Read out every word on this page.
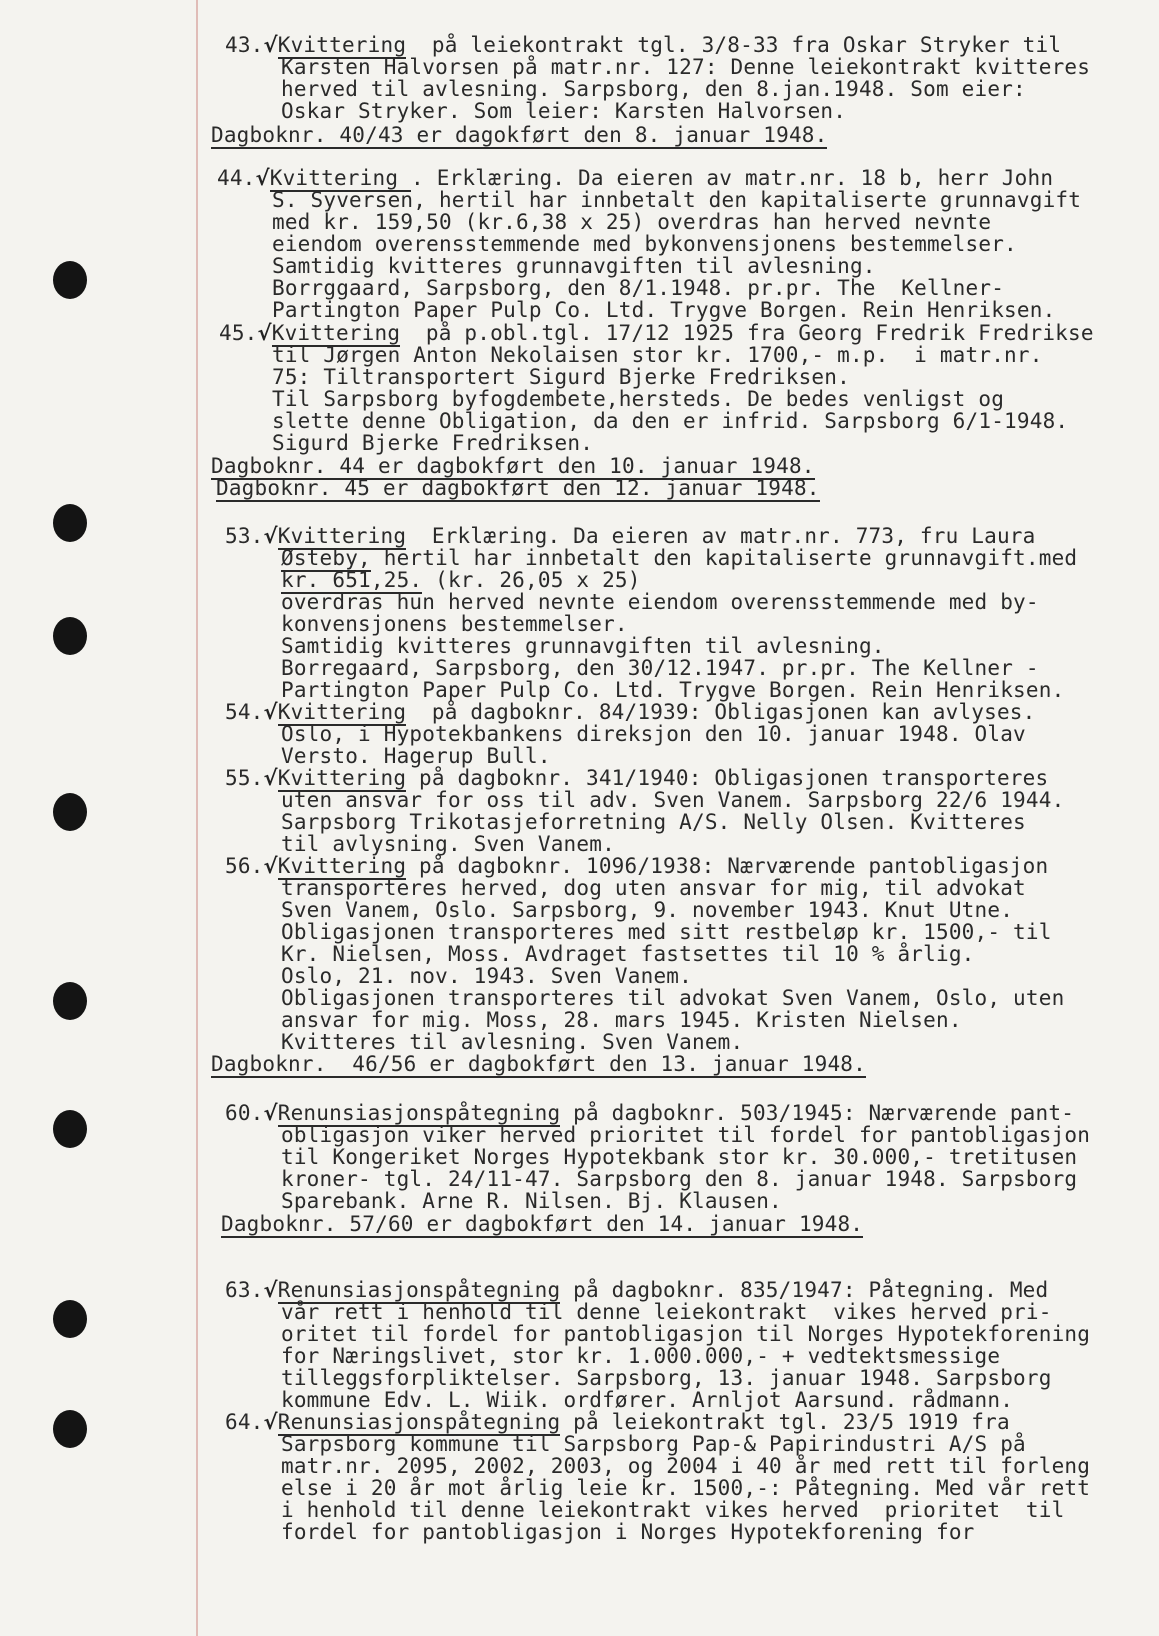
43.√Kvittering  på leiekontrakt tgl. 3/8-33 fra Oskar Stryker til
Karsten Halvorsen på matr.nr. 127: Denne leiekontrakt kvitteres
herved til avlesning. Sarpsborg, den 8.jan.1948. Som eier:
Oskar Stryker. Som leier: Karsten Halvorsen.
Dagboknr. 40/43 er dagokført den 8. januar 1948.
44.√Kvittering . Erklæring. Da eieren av matr.nr. 18 b, herr John
S. Syversen, hertil har innbetalt den kapitaliserte grunnavgift
med kr. 159,50 (kr.6,38 x 25) overdras han herved nevnte
eiendom overensstemmende med bykonvensjonens bestemmelser.
Samtidig kvitteres grunnavgiften til avlesning.
Borrggaard, Sarpsborg, den 8/1.1948. pr.pr. The  Kellner-
Partington Paper Pulp Co. Ltd. Trygve Borgen. Rein Henriksen.
45.√Kvittering  på p.obl.tgl. 17/12 1925 fra Georg Fredrik Fredrikse
til Jørgen Anton Nekolaisen stor kr. 1700,- m.p.  i matr.nr.
75: Tiltransportert Sigurd Bjerke Fredriksen.
Til Sarpsborg byfogdembete,hersteds. De bedes venligst og
slette denne Obligation, da den er infrid. Sarpsborg 6/1-1948.
Sigurd Bjerke Fredriksen.
Dagboknr. 44 er dagbokført den 10. januar 1948.
Dagboknr. 45 er dagbokført den 12. januar 1948.
53.√Kvittering  Erklæring. Da eieren av matr.nr. 773, fru Laura
Østeby, hertil har innbetalt den kapitaliserte grunnavgift.med
kr. 651,25. (kr. 26,05 x 25)
overdras hun herved nevnte eiendom overensstemmende med by-
konvensjonens bestemmelser.
Samtidig kvitteres grunnavgiften til avlesning.
Borregaard, Sarpsborg, den 30/12.1947. pr.pr. The Kellner -
Partington Paper Pulp Co. Ltd. Trygve Borgen. Rein Henriksen.
54.√Kvittering  på dagboknr. 84/1939: Obligasjonen kan avlyses.
Oslo, i Hypotekbankens direksjon den 10. januar 1948. Olav
Versto. Hagerup Bull.
55.√Kvittering på dagboknr. 341/1940: Obligasjonen transporteres
uten ansvar for oss til adv. Sven Vanem. Sarpsborg 22/6 1944.
Sarpsborg Trikotasjeforretning A/S. Nelly Olsen. Kvitteres
til avlysning. Sven Vanem.
56.√Kvittering på dagboknr. 1096/1938: Nærværende pantobligasjon
transporteres herved, dog uten ansvar for mig, til advokat
Sven Vanem, Oslo. Sarpsborg, 9. november 1943. Knut Utne.
Obligasjonen transporteres med sitt restbeløp kr. 1500,- til
Kr. Nielsen, Moss. Avdraget fastsettes til 10 % årlig.
Oslo, 21. nov. 1943. Sven Vanem.
Obligasjonen transporteres til advokat Sven Vanem, Oslo, uten
ansvar for mig. Moss, 28. mars 1945. Kristen Nielsen.
Kvitteres til avlesning. Sven Vanem.
Dagboknr.  46/56 er dagbokført den 13. januar 1948.
60.√Renunsiasjonspåtegning på dagboknr. 503/1945: Nærværende pant-
obligasjon viker herved prioritet til fordel for pantobligasjon
til Kongeriket Norges Hypotekbank stor kr. 30.000,- tretitusen
kroner- tgl. 24/11-47. Sarpsborg den 8. januar 1948. Sarpsborg
Sparebank. Arne R. Nilsen. Bj. Klausen.
Dagboknr. 57/60 er dagbokført den 14. januar 1948.
63.√Renunsiasjonspåtegning på dagboknr. 835/1947: Påtegning. Med
vår rett i henhold til denne leiekontrakt  vikes herved pri-
oritet til fordel for pantobligasjon til Norges Hypotekforening
for Næringslivet, stor kr. 1.000.000,- + vedtektsmessige
tilleggsforpliktelser. Sarpsborg, 13. januar 1948. Sarpsborg
kommune Edv. L. Wiik. ordfører. Arnljot Aarsund. rådmann.
64.√Renunsiasjonspåtegning på leiekontrakt tgl. 23/5 1919 fra
Sarpsborg kommune til Sarpsborg Pap-& Papirindustri A/S på
matr.nr. 2095, 2002, 2003, og 2004 i 40 år med rett til forleng
else i 20 år mot årlig leie kr. 1500,-: Påtegning. Med vår rett
i henhold til denne leiekontrakt vikes herved  prioritet  til
fordel for pantobligasjon i Norges Hypotekforening for
